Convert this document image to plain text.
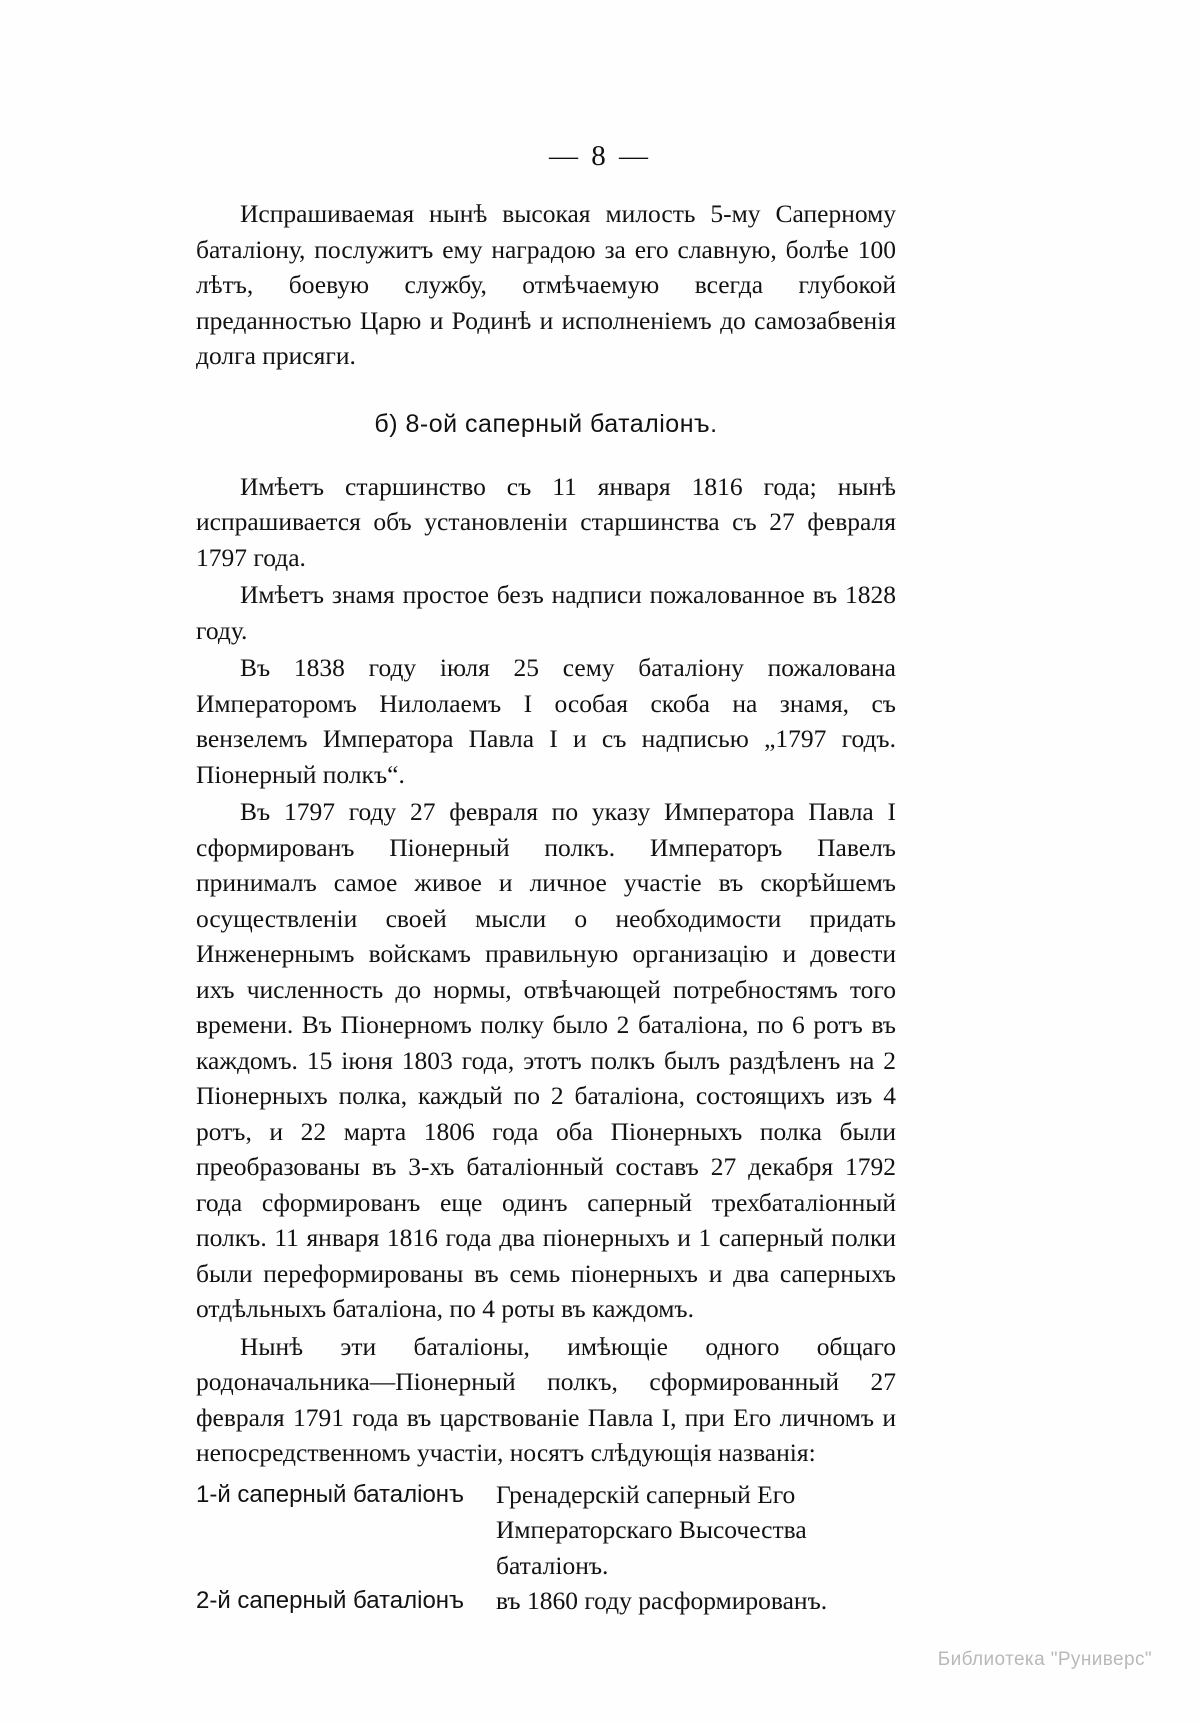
— 8 —

Испрашиваемая нынѣ высокая милость 5-му Саперному баталiону, послужитъ ему наградою за его славную, болѣе 100 лѣтъ, боевую службу, отмѣчаемую всегда глубокой преданностью Царю и Родинѣ и исполненiемъ до самозабвенiя долга присяги.

б) 8-ой саперный баталiонъ.

Имѣетъ старшинство съ 11 января 1816 года; нынѣ испрашивается объ установленiи старшинства съ 27 февраля 1797 года.

Имѣетъ знамя простое безъ надписи пожалованное въ 1828 году.

Въ 1838 году iюля 25 сему баталiону пожалована Императоромъ Нилолаемъ I особая скоба на знамя, съ вензелемъ Императора Павла I и съ надписью „1797 годъ. Пiонерный полкъ“.

Въ 1797 году 27 февраля по указу Императора Павла I сформированъ Пiонерный полкъ. Императоръ Павелъ принималъ самое живое и личное участiе въ скорѣйшемъ осуществленiи своей мысли о необходимости придать Инженернымъ войскамъ правильную организацiю и довести ихъ численность до нормы, отвѣчающей потребностямъ того времени. Въ Пiонерномъ полку было 2 баталiона, по 6 ротъ въ каждомъ. 15 iюня 1803 года, этотъ полкъ былъ раздѣленъ на 2 Пiонерныхъ полка, каждый по 2 баталiона, состоящихъ изъ 4 ротъ, и 22 марта 1806 года оба Пiонерныхъ полка были преобразованы въ 3-хъ баталiонный составъ 27 декабря 1792 года сформированъ еще одинъ саперный трехбаталiонный полкъ. 11 января 1816 года два пiонерныхъ и 1 саперный полки были переформированы въ семь пiонерныхъ и два саперныхъ отдѣльныхъ баталiона, по 4 роты въ каждомъ.

Нынѣ эти баталiоны, имѣющiе одного общаго родоначальника—Пiонерный полкъ, сформированный 27 февраля 1791 года въ царствованiе Павла I, при Его личномъ и непосредственномъ участiи, носятъ слѣдующiя названiя:

1-й саперный баталiонъ	Гренадерскiй саперный Его
Императорскаго Высочества
баталiонъ.
2-й саперный баталiонъ	въ 1860 году расформированъ.
Библиотека "Руниверс"
